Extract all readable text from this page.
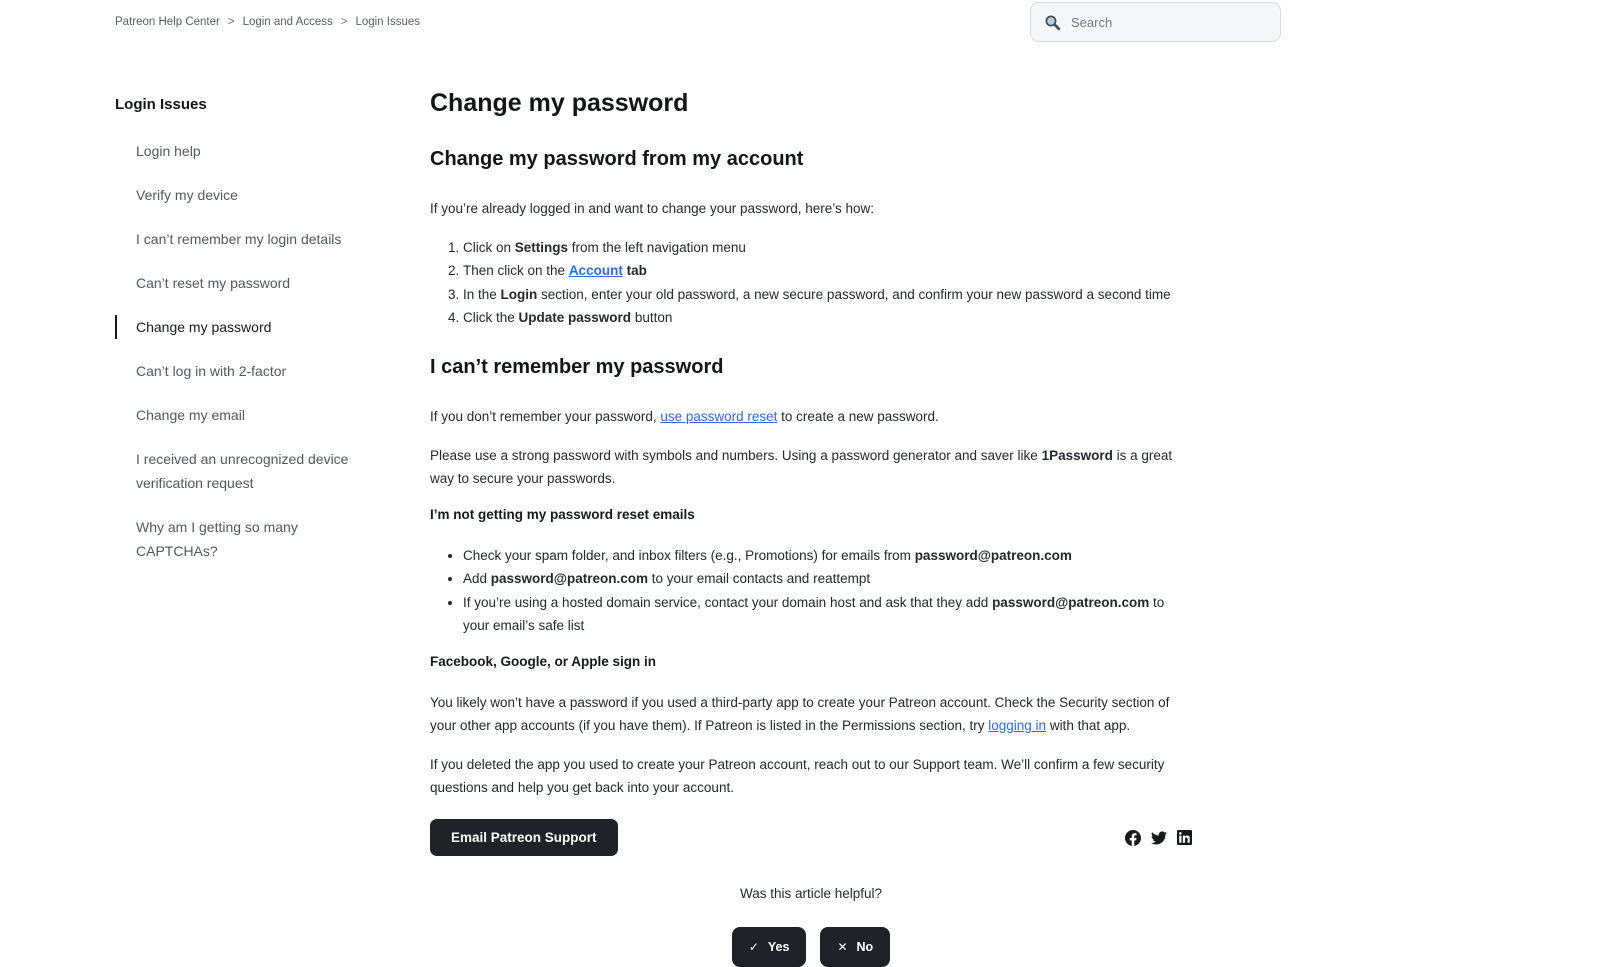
Patreon Help Center > Login and Access > Login Issues
Search
Login Issues
Login help
Verify my device
I can’t remember my login details
Can’t reset my password
Change my password
Can’t log in with 2-factor
Change my email
I received an unrecognized device verification request
Why am I getting so many CAPTCHAs?
Change my password
Change my password from my account

If you’re already logged in and want to change your password, here’s how:

1. Click on Settings from the left navigation menu
2. Then click on the Account tab
3. In the Login section, enter your old password, a new secure password, and confirm your new password a second time
4. Click the Update password button
I can’t remember my password

If you don’t remember your password, use password reset to create a new password.

Please use a strong password with symbols and numbers. Using a password generator and saver like 1Password is a great way to secure your passwords.

I’m not getting my password reset emails
• Check your spam folder, and inbox filters (e.g., Promotions) for emails from password@patreon.com
• Add password@patreon.com to your email contacts and reattempt
• If you’re using a hosted domain service, contact your domain host and ask that they add password@patreon.com to your email’s safe list
Facebook, Google, or Apple sign in

You likely won’t have a password if you used a third-party app to create your Patreon account. Check the Security section of your other app accounts (if you have them). If Patreon is listed in the Permissions section, try logging in with that app.

If you deleted the app you used to create your Patreon account, reach out to our Support team. We’ll confirm a few security questions and help you get back into your account.

Email Patreon Support

Was this article helpful?

✓ Yes	✕ No
